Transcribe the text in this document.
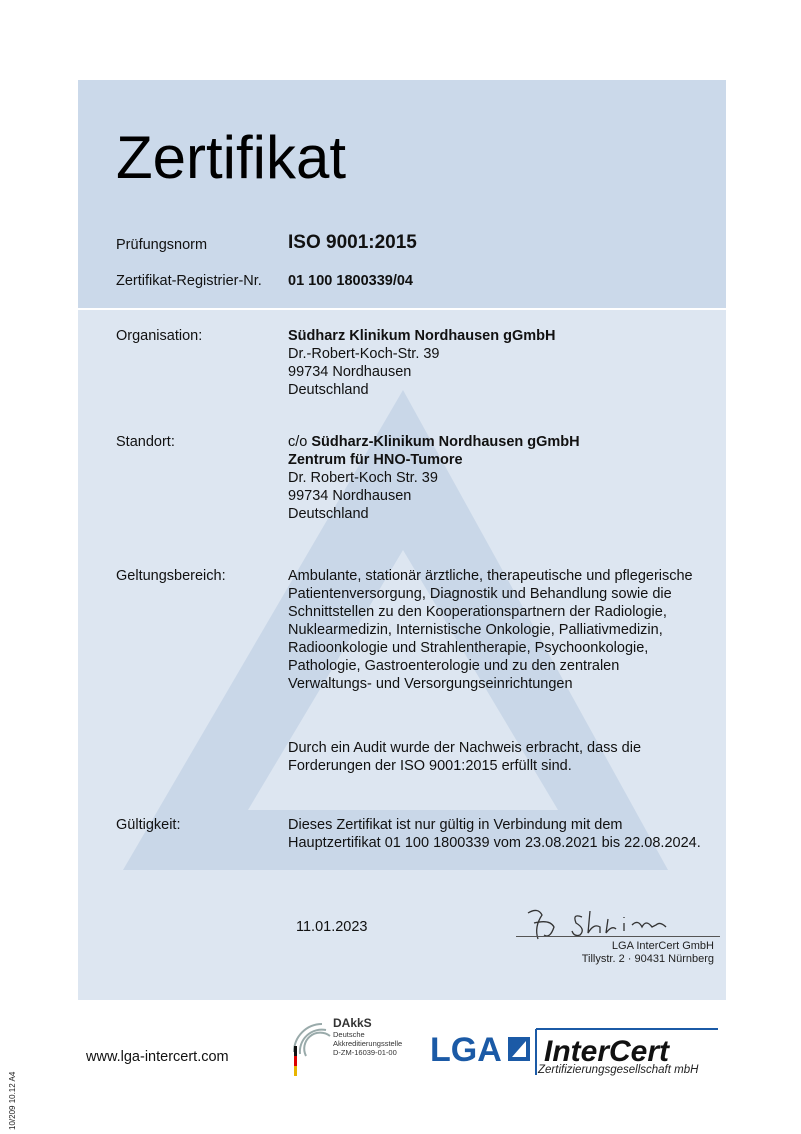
Zertifikat
Prüfungsnorm	ISO 9001:2015
Zertifikat-Registrier-Nr. 01 100 1800339/04
Organisation:	Südharz Klinikum Nordhausen gGmbH
Dr.-Robert-Koch-Str. 39
99734 Nordhausen
Deutschland
Standort:	c/o Südharz-Klinikum Nordhausen gGmbH
Zentrum für HNO-Tumore
Dr. Robert-Koch Str. 39
99734 Nordhausen
Deutschland
Geltungsbereich:	Ambulante, stationär ärztliche, therapeutische und pflegerische
Patientenversorgung, Diagnostik und Behandlung sowie die
Schnittstellen zu den Kooperationspartnern der Radiologie,
Nuklearmedizin, Internistische Onkologie, Palliativmedizin,
Radioonkologie und Strahlentherapie, Psychoonkologie,
Pathologie, Gastroenterologie und zu den zentralen
Verwaltungs- und Versorgungseinrichtungen
Durch ein Audit wurde der Nachweis erbracht, dass die
Forderungen der ISO 9001:2015 erfüllt sind.
Gültigkeit:	Dieses Zertifikat ist nur gültig in Verbindung mit dem
Hauptzertifikat 01 100 1800339 vom 23.08.2021 bis 22.08.2024.
11.01.2023
LGA InterCert GmbH
Tillystr. 2 · 90431 Nürnberg
www.lga-intercert.com
10/209 10.12 A4
DAkkS
Deutsche
Akkreditierungsstelle
D-ZM-16039-01-00 LGA InterCert
Zertifizierungsgesellschaft mbH
